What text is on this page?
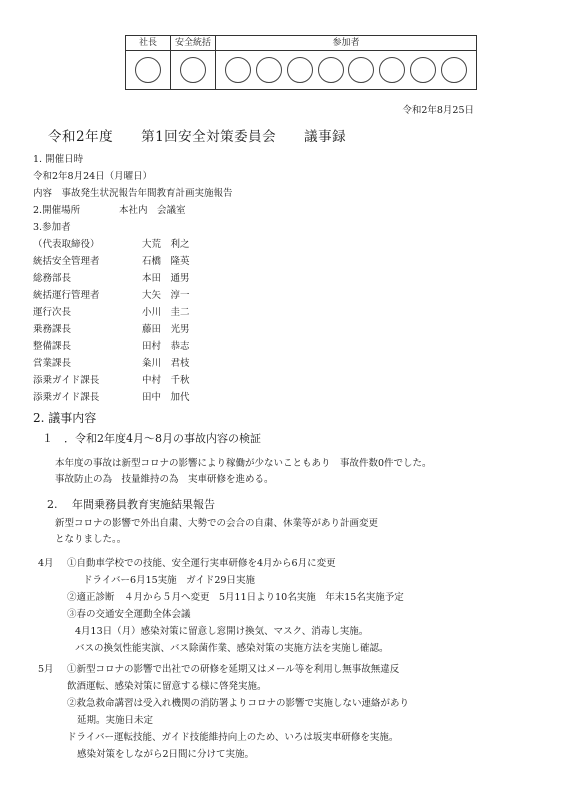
社長	安全統括	参加者

令和2年8月25日
令和2年度　　第1回安全対策委員会　　議事録
1. 開催日時
令和2年8月24日（月曜日）
内容　事故発生状況報告年間教育計画実施報告
2.開催場所	本社内　会議室
3.参加者
（代表取締役）	大荒　利之
統括安全管理者	石橋　隆英
総務部長	本田　通男
統括運行管理者	大矢　淳一
運行次長	小川　圭二
乗務課長	藤田　光男
整備課長	田村　恭志
営業課長	粂川　君枝
添乗ガイド課長	中村　千秋
添乗ガイド課長	田中　加代
2. 議事内容
１　．令和2年度4月～8月の事故内容の検証
本年度の事故は新型コロナの影響により稼働が少ないこともあり　事故件数0件でした。
事故防止の為　技量維持の為　実車研修を進める。
2.　 年間乗務員教育実施結果報告
新型コロナの影響で外出自粛、大勢での会合の自粛、休業等があり計画変更
となりました。。
4月 ①自動車学校での技能、安全運行実車研修を4月から6月に変更
ドライバー6月15実施　ガイド29日実施
②適正診断　４月から５月へ変更　5月11日より10名実施　年末15名実施予定
③春の交通安全運動全体会議
4月13日（月）感染対策に留意し窓開け換気、マスク、消毒し実施。
バスの換気性能実演、バス除菌作業、感染対策の実施方法を実施し確認。
5月 ①新型コロナの影響で出社での研修を延期又はメール等を利用し無事故無違反
飲酒運転、感染対策に留意する様に啓発実施。
②救急救命講習は受入れ機関の消防署よりコロナの影響で実施しない連絡があり
延期。実施日未定
ドライバー運転技能、ガイド技能維持向上のため、いろは坂実車研修を実施。
感染対策をしながら2日間に分けて実施。
